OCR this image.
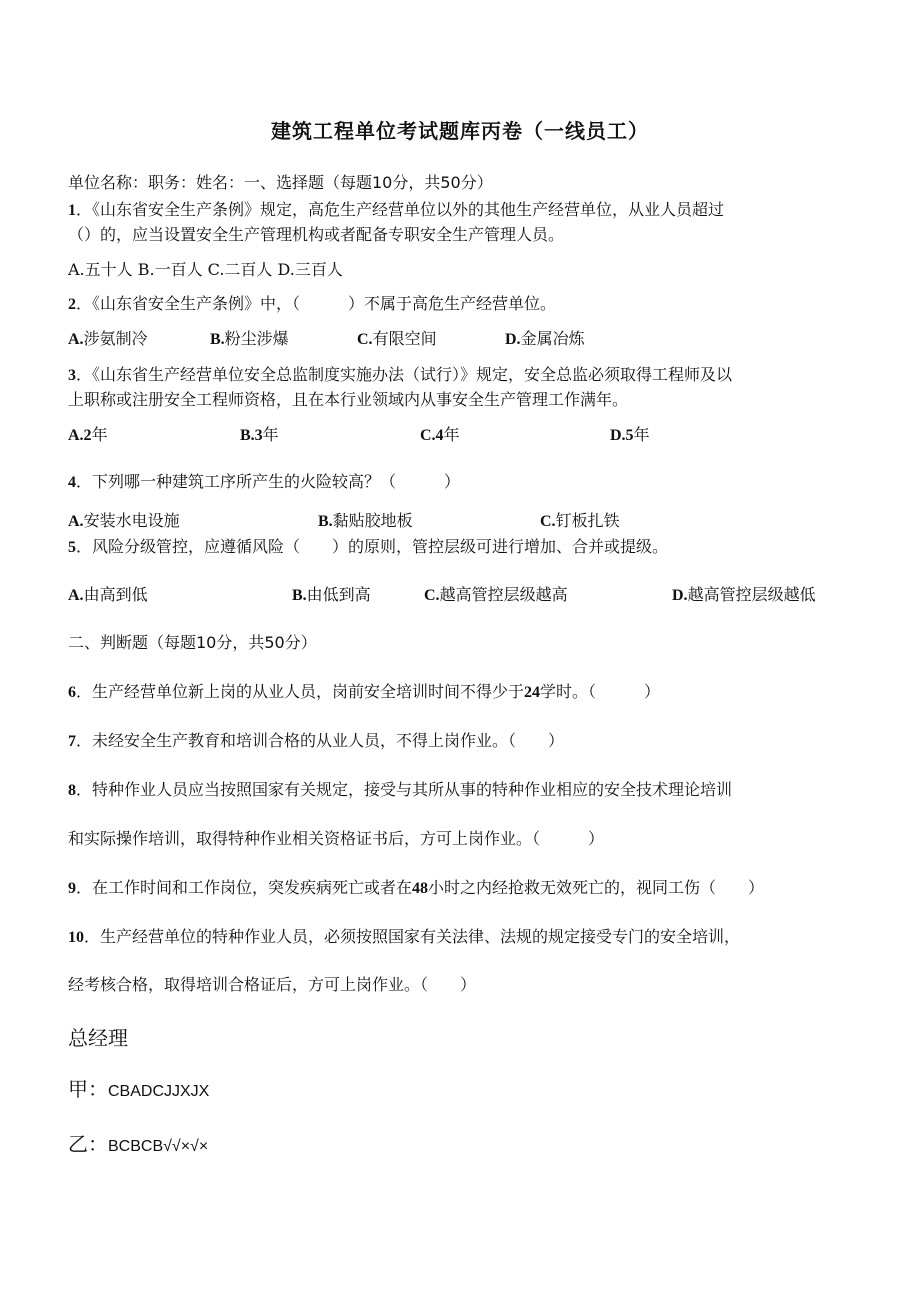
建筑工程单位考试题库丙卷（一线员工）
单位名称：职务：姓名：一、选择题（每题10分，共50分）
1．《山东省安全生产条例》规定，高危生产经营单位以外的其他生产经营单位，从业人员超过
（）的，应当设置安全生产管理机构或者配备专职安全生产管理人员。
A.五十人 B.一百人 C.二百人 D.三百人
2．《山东省安全生产条例》中，（　　　）不属于高危生产经营单位。
A.涉氨制冷	B.粉尘涉爆	C.有限空间	D.金属冶炼
3．《山东省生产经营单位安全总监制度实施办法（试行）》规定，安全总监必须取得工程师及以
上职称或注册安全工程师资格，且在本行业领域内从事安全生产管理工作满年。
A.2年	B.3年	C.4年	D.5年
4．下列哪一种建筑工序所产生的火险较高？（　　　）
A.安装水电设施	B.黏贴胶地板	C.钉板扎铁
5．风险分级管控，应遵循风险（　　）的原则，管控层级可进行增加、合并或提级。
A.由高到低	B.由低到高	C.越高管控层级越高	D.越高管控层级越低
二、判断题（每题10分，共50分）
6．生产经营单位新上岗的从业人员，岗前安全培训时间不得少于24学时。（　　　）
7．未经安全生产教育和培训合格的从业人员，不得上岗作业。（　　）
8．特种作业人员应当按照国家有关规定，接受与其所从事的特种作业相应的安全技术理论培训
和实际操作培训，取得特种作业相关资格证书后，方可上岗作业。（　　　）
9．在工作时间和工作岗位，突发疾病死亡或者在48小时之内经抢救无效死亡的，视同工伤（　　）
10．生产经营单位的特种作业人员，必须按照国家有关法律、法规的规定接受专门的安全培训，
经考核合格，取得培训合格证后，方可上岗作业。（　　）
总经理
甲：CBADCJJXJX
乙：BCBCB√√×√×
